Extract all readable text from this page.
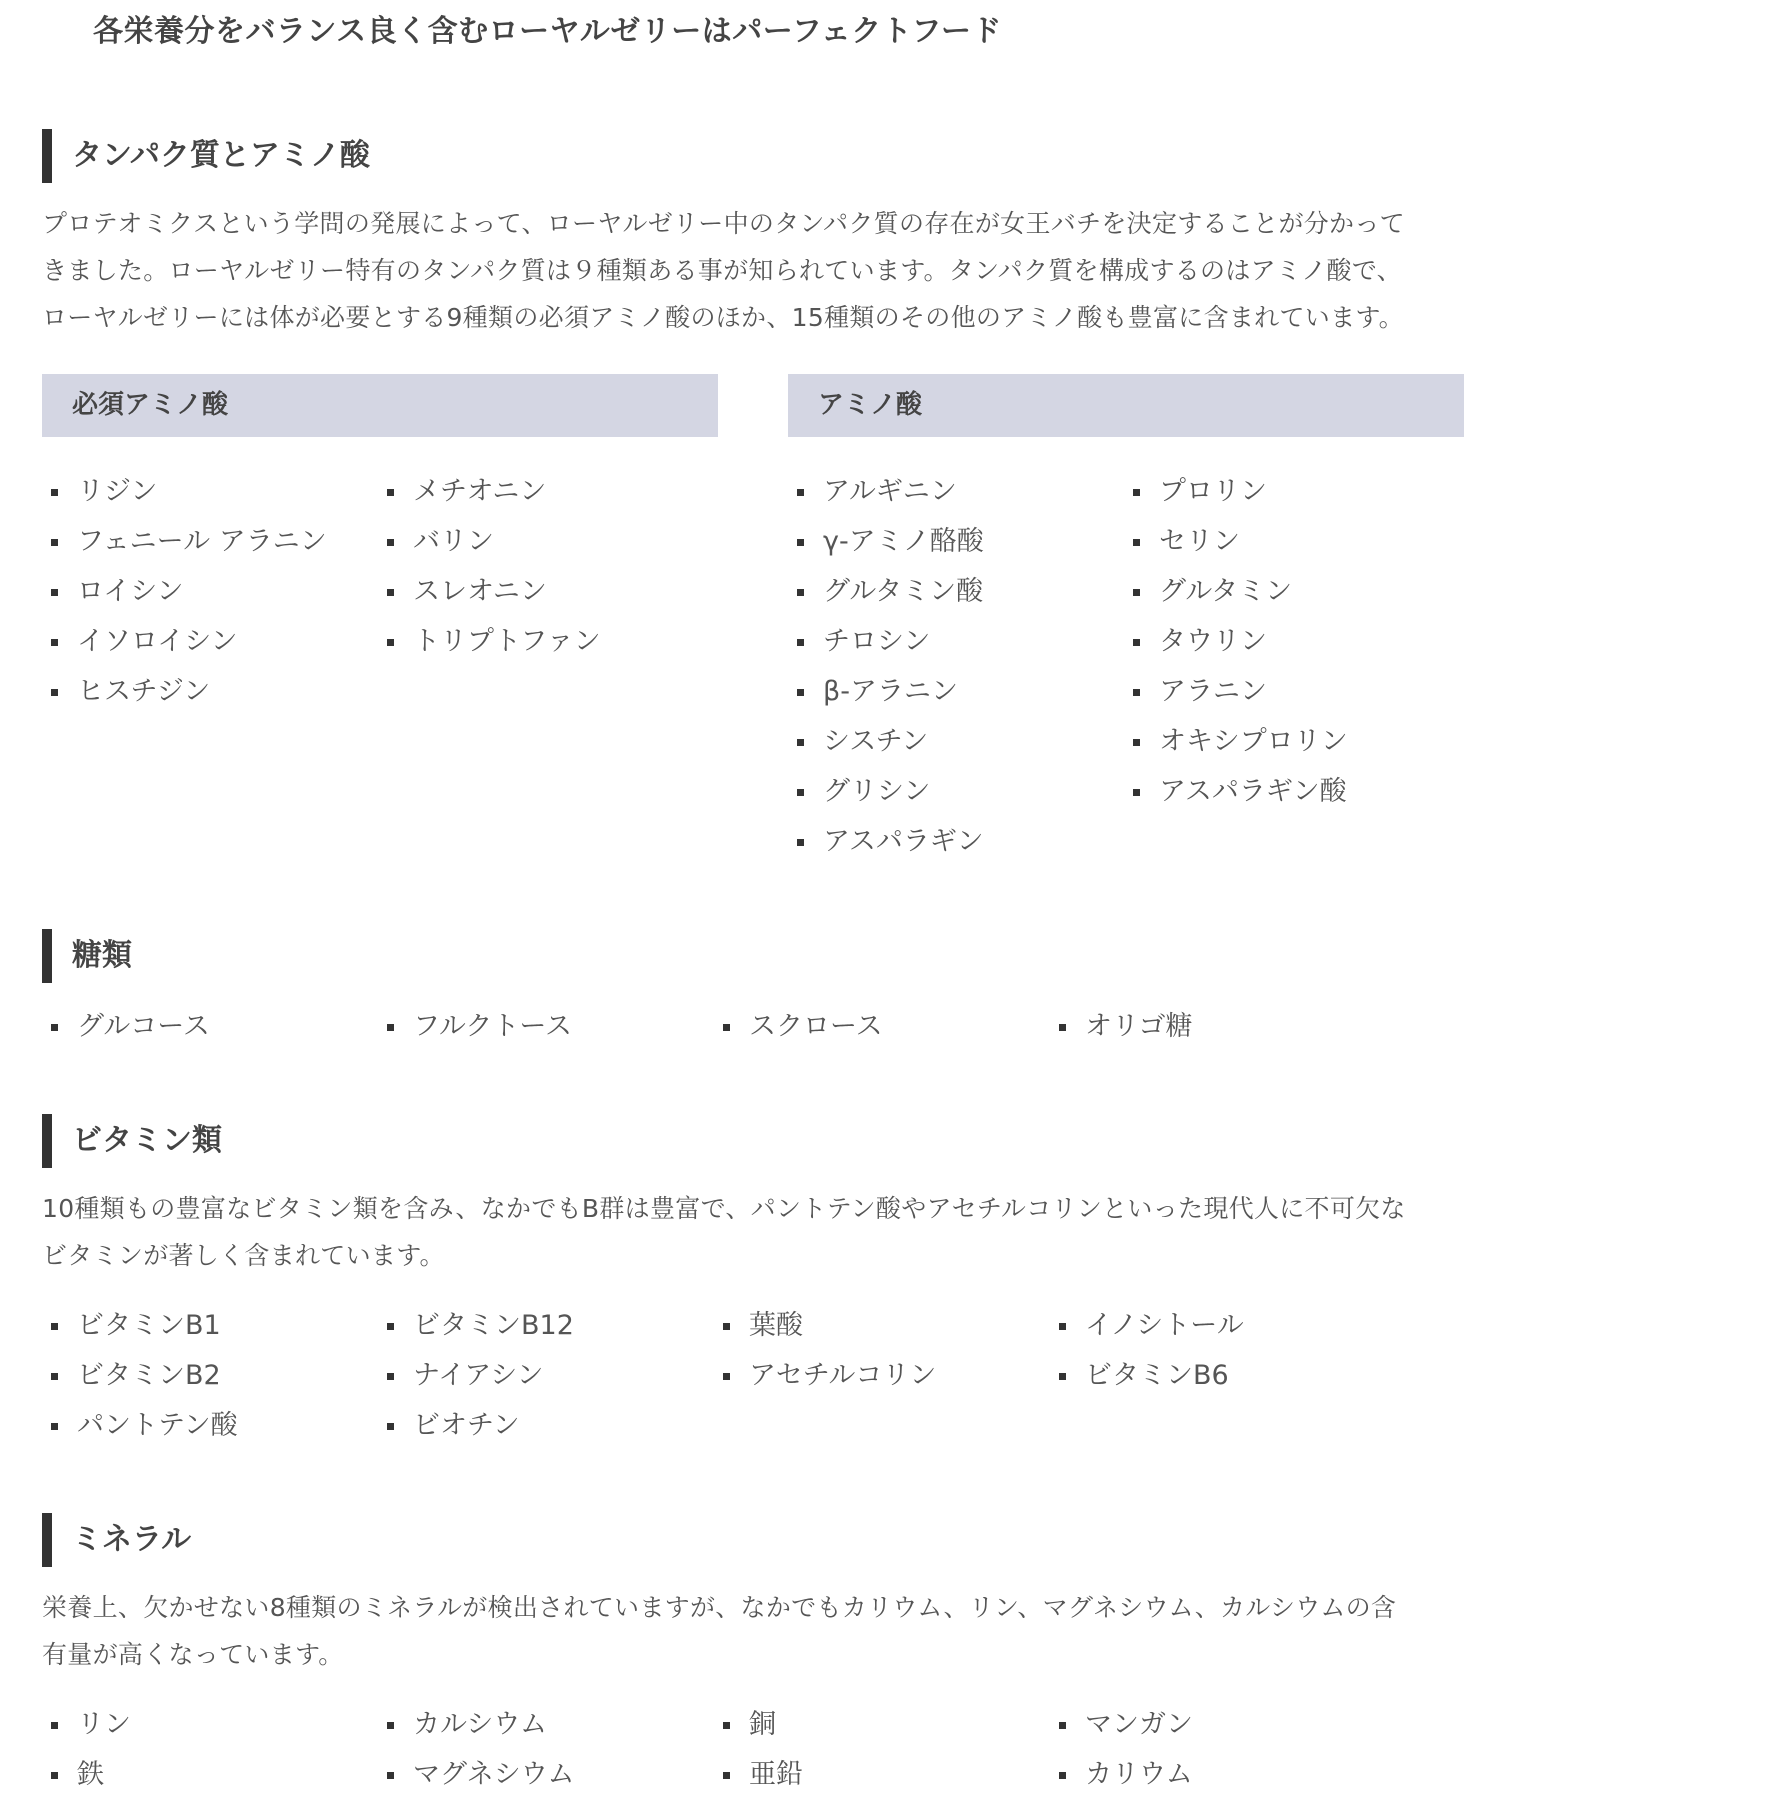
各栄養分をバランス良く含むローヤルゼリーはパーフェクトフード
タンパク質とアミノ酸
プロテオミクスという学問の発展によって、ローヤルゼリー中のタンパク質の存在が女王バチを決定することが分かって
きました。ローヤルゼリー特有のタンパク質は９種類ある事が知られています。タンパク質を構成するのはアミノ酸で、
ローヤルゼリーには体が必要とする9種類の必須アミノ酸のほか、15種類のその他のアミノ酸も豊富に含まれています。
必須アミノ酸	アミノ酸
リジン
フェニール アラニン
ロイシン
イソロイシン
ヒスチジン
メチオニン
バリン
スレオニン
トリプトファン
アルギニン
γ-アミノ酪酸
グルタミン酸
チロシン
β-アラニン
シスチン
グリシン
アスパラギン
プロリン
セリン
グルタミン
タウリン
アラニン
オキシプロリン
アスパラギン酸
糖類
グルコース	フルクトース	スクロース	オリゴ糖
ビタミン類
10種類もの豊富なビタミン類を含み、なかでもB群は豊富で、パントテン酸やアセチルコリンといった現代人に不可欠な
ビタミンが著しく含まれています。
ビタミンB1	ビタミンB12	葉酸	イノシトール
ビタミンB2	ナイアシン	アセチルコリン	ビタミンB6
パントテン酸	ビオチン
ミネラル
栄養上、欠かせない8種類のミネラルが検出されていますが、なかでもカリウム、リン、マグネシウム、カルシウムの含
有量が高くなっています。
リン	カルシウム	銅	マンガン
鉄	マグネシウム	亜鉛	カリウム
